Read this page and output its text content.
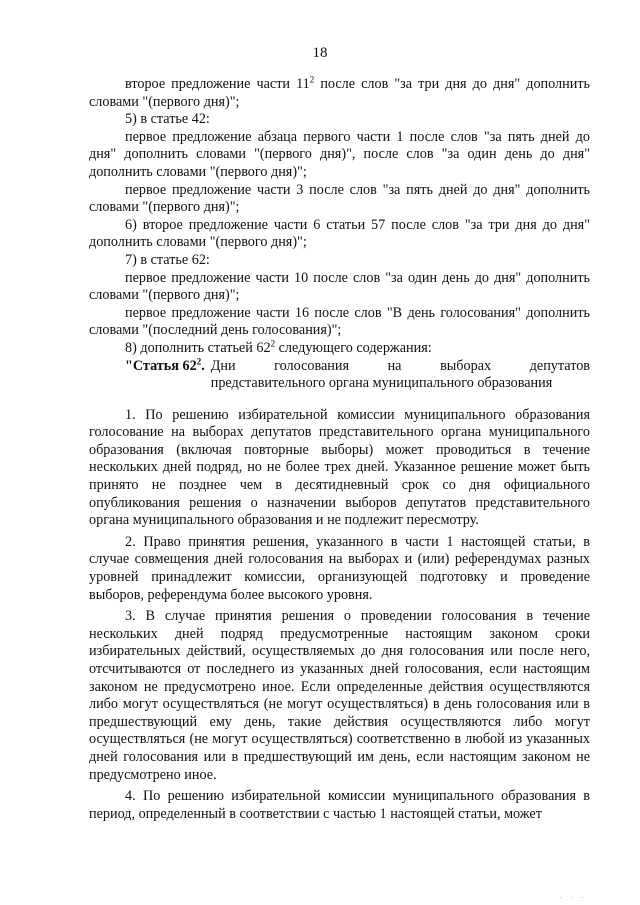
18

второе предложение части $11^2$ после слов "за три дня до дня" дополнить словами "(первого дня)";

5) в статье 42:

первое предложение абзаца первого части 1 после слов "за пять дней до дня" дополнить словами "(первого дня)", после слов "за один день до дня" дополнить словами "(первого дня)";

первое предложение части 3 после слов "за пять дней до дня" дополнить словами "(первого дня)";

6) второе предложение части 6 статьи 57 после слов "за три дня до дня" дополнить словами "(первого дня)";

7) в статье 62:

первое предложение части 10 после слов "за один день до дня" дополнить словами "(первого дня)";

первое предложение части 16 после слов "В день голосования" дополнить словами "(последний день голосования)";

8) дополнить статьей $62^2$ следующего содержания:

"Статья $62^2$. Дни голосования на выборах депутатов
представительного органа муниципального образования

1. По решению избирательной комиссии муниципального образования голосование на выборах депутатов представительного органа муниципального образования (включая повторные выборы) может проводиться в течение нескольких дней подряд, но не более трех дней. Указанное решение может быть принято не позднее чем в десятидневный срок со дня официального опубликования решения о назначении выборов депутатов представительного органа муниципального образования и не подлежит пересмотру.

2. Право принятия решения, указанного в части 1 настоящей статьи, в случае совмещения дней голосования на выборах и (или) референдумах разных уровней принадлежит комиссии, организующей подготовку и проведение выборов, референдума более высокого уровня.

3. В случае принятия решения о проведении голосования в течение нескольких дней подряд предусмотренные настоящим законом сроки избирательных действий, осуществляемых до дня голосования или после него, отсчитываются от последнего из указанных дней голосования, если настоящим законом не предусмотрено иное. Если определенные действия осуществляются либо могут осуществляться (не могут осуществляться) в день голосования или в предшествующий ему день, такие действия осуществляются либо могут осуществляться (не могут осуществляться) соответственно в любой из указанных дней голосования или в предшествующий им день, если настоящим законом не предусмотрено иное.

4. По решению избирательной комиссии муниципального образования в период, определенный в соответствии с частью 1 настоящей статьи, может

· · ·
